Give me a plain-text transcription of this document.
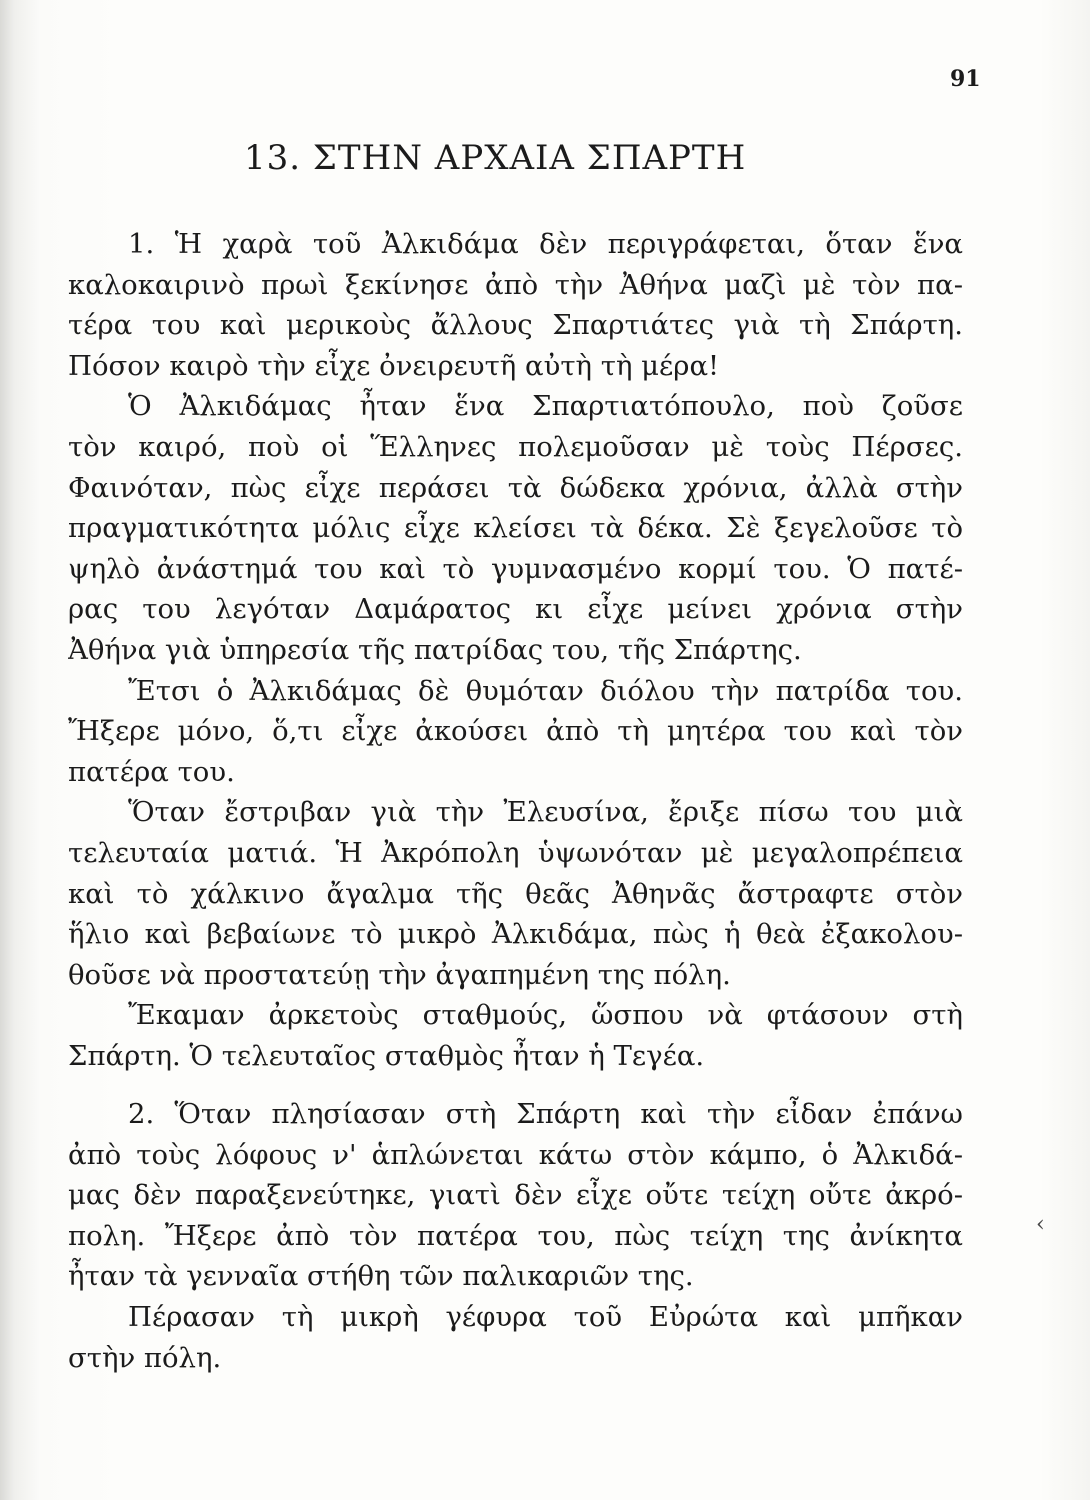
91
13. ΣΤΗΝ ΑΡΧΑΙΑ ΣΠΑΡΤΗ
1. Ἡ χαρὰ τοῦ Ἀλκιδάμα δὲν περιγράφεται, ὅταν ἕνα
καλοκαιρινὸ πρωὶ ξεκίνησε ἀπὸ τὴν Ἀθήνα μαζὶ μὲ τὸν πα-
τέρα του καὶ μερικοὺς ἄλλους Σπαρτιάτες γιὰ τὴ Σπάρτη.
Πόσον καιρὸ τὴν εἶχε ὀνειρευτῆ αὐτὴ τὴ μέρα!
Ὁ Ἀλκιδάμας ἦταν ἕνα Σπαρτιατόπουλο, ποὺ ζοῦσε
τὸν καιρό, ποὺ οἱ Ἕλληνες πολεμοῦσαν μὲ τοὺς Πέρσες.
Φαινόταν, πὼς εἶχε περάσει τὰ δώδεκα χρόνια, ἀλλὰ στὴν
πραγματικότητα μόλις εἶχε κλείσει τὰ δέκα. Σὲ ξεγελοῦσε τὸ
ψηλὸ ἀνάστημά του καὶ τὸ γυμνασμένο κορμί του. Ὁ πατέ-
ρας του λεγόταν Δαμάρατος κι εἶχε μείνει χρόνια στὴν
Ἀθήνα γιὰ ὑπηρεσία τῆς πατρίδας του, τῆς Σπάρτης.
Ἔτσι ὁ Ἀλκιδάμας δὲ θυμόταν διόλου τὴν πατρίδα του.
Ἤξερε μόνο, ὅ,τι εἶχε ἀκούσει ἀπὸ τὴ μητέρα του καὶ τὸν
πατέρα του.
Ὅταν ἔστριβαν γιὰ τὴν Ἐλευσίνα, ἔριξε πίσω του μιὰ
τελευταία ματιά. Ἡ Ἀκρόπολη ὑψωνόταν μὲ μεγαλοπρέπεια
καὶ τὸ χάλκινο ἄγαλμα τῆς θεᾶς Ἀθηνᾶς ἄστραφτε στὸν
ἥλιο καὶ βεβαίωνε τὸ μικρὸ Ἀλκιδάμα, πὼς ἡ θεὰ ἐξακολου-
θοῦσε νὰ προστατεύῃ τὴν ἀγαπημένη της πόλη.
Ἔκαμαν ἀρκετοὺς σταθμούς, ὥσπου νὰ φτάσουν στὴ
Σπάρτη. Ὁ τελευταῖος σταθμὸς ἦταν ἡ Τεγέα.
2. Ὅταν πλησίασαν στὴ Σπάρτη καὶ τὴν εἶδαν ἐπάνω
ἀπὸ τοὺς λόφους ν' ἁπλώνεται κάτω στὸν κάμπο, ὁ Ἀλκιδά-
μας δὲν παραξενεύτηκε, γιατὶ δὲν εἶχε οὔτε τείχη οὔτε ἀκρό-
πολη. Ἤξερε ἀπὸ τὸν πατέρα του, πὼς τείχη της ἀνίκητα
ἦταν τὰ γενναῖα στήθη τῶν παλικαριῶν της.
Πέρασαν τὴ μικρὴ γέφυρα τοῦ Εὐρώτα καὶ μπῆκαν
στὴν πόλη.
‹
